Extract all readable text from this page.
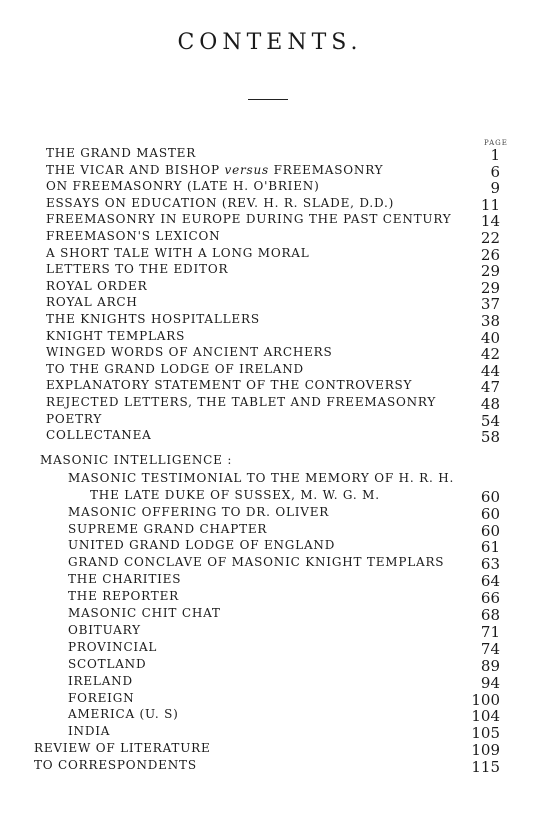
CONTENTS.
PAGE
THE GRAND MASTER	1
THE VICAR AND BISHOP versus FREEMASONRY	6
ON FREEMASONRY (LATE H. O'BRIEN)	9
ESSAYS ON EDUCATION (REV. H. R. SLADE, D.D.)	11
FREEMASONRY IN EUROPE DURING THE PAST CENTURY	14
FREEMASON'S LEXICON	22
A SHORT TALE WITH A LONG MORAL	26
LETTERS TO THE EDITOR	29
ROYAL ORDER	29
ROYAL ARCH	37
THE KNIGHTS HOSPITALLERS	38
KNIGHT TEMPLARS	40
WINGED WORDS OF ANCIENT ARCHERS	42
TO THE GRAND LODGE OF IRELAND	44
EXPLANATORY STATEMENT OF THE CONTROVERSY	47
REJECTED LETTERS, THE TABLET AND FREEMASONRY	48
POETRY	54
COLLECTANEA	58
MASONIC INTELLIGENCE :
MASONIC TESTIMONIAL TO THE MEMORY OF H. R. H.
THE LATE DUKE OF SUSSEX, M. W. G. M.	60
MASONIC OFFERING TO DR. OLIVER	60
SUPREME GRAND CHAPTER	60
UNITED GRAND LODGE OF ENGLAND	61
GRAND CONCLAVE OF MASONIC KNIGHT TEMPLARS	63
THE CHARITIES	64
THE REPORTER	66
MASONIC CHIT CHAT	68
OBITUARY	71
PROVINCIAL	74
SCOTLAND	89
IRELAND	94
FOREIGN	100
AMERICA (U. S)	104
INDIA	105
REVIEW OF LITERATURE	109
TO CORRESPONDENTS	115
